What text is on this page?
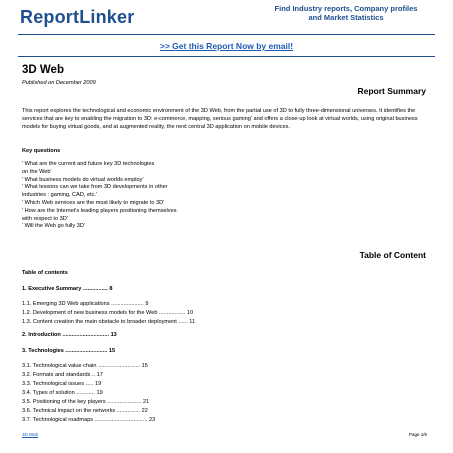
ReportLinker	Find Industry reports, Company profiles
and Market Statistics
>> Get this Report Now by email!
3D Web
Published on December 2009
Report Summary
This report explores the technological and economic environment of the 3D Web, from the partial use of 3D to fully three-dimensional universes. It identifies the services that are key to enabling the migration to 3D: e-commerce, mapping, serious gaming' and offers a close-up look at virtual worlds, using original business models for buying virtual goods, and at augmented reality, the next central 3D application on mobile devices.
Key questions
' What are the current and future key 3D technologies
on the Web'
' What business models do virtual worlds employ'
' What lessons can we take from 3D developments in other
industries : gaming, CAD, etc.'
' Which Web services are the most likely to migrate to 3D'
' How are the Internet's leading players positioning themselves
with respect to 3D'
' Will the Web go fully 3D'
Table of Content
Table of contents
1. Executive Summary ................ 8
1.1. Emerging 3D Web applications ..................... 9
1.2. Development of new business models for the Web ................. 10
1.3. Content creation the main obstacle to broader deployment ...... 11
2. Introduction .............................. 13
3. Technologies ........................... 15
3.1. Technological value chain ........................... 15
3.2. Formats and standards .. 17
3.3. Technological issues ..... 19
3.4. Types of solution ............ 19
3.5. Positioning of the key players ...................... 21
3.6. Technical impact on the networks ............... 22
3.7. Technological roadmaps .................................. 23
3D Web	Page 1/6
